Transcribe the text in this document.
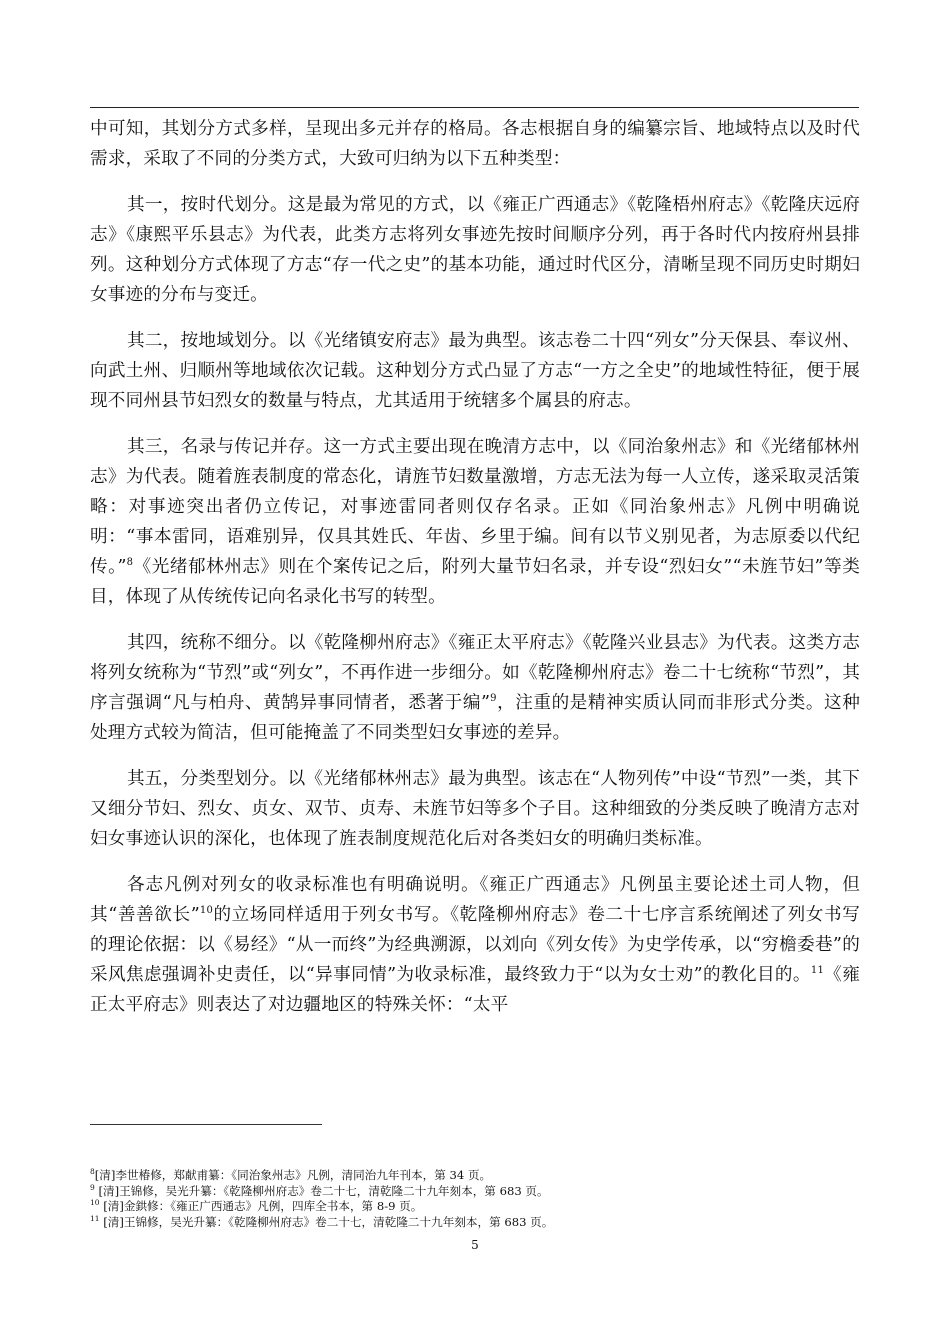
中可知，其划分方式多样，呈现出多元并存的格局。各志根据自身的编纂宗旨、地域特点以及时代需求，采取了不同的分类方式，大致可归纳为以下五种类型：

其一，按时代划分。这是最为常见的方式，以《雍正广西通志》《乾隆梧州府志》《乾隆庆远府志》《康熙平乐县志》为代表，此类方志将列女事迹先按时间顺序分列，再于各时代内按府州县排列。这种划分方式体现了方志“存一代之史”的基本功能，通过时代区分，清晰呈现不同历史时期妇女事迹的分布与变迁。

其二，按地域划分。以《光绪镇安府志》最为典型。该志卷二十四“列女”分天保县、奉议州、向武土州、归顺州等地域依次记载。这种划分方式凸显了方志“一方之全史”的地域性特征，便于展现不同州县节妇烈女的数量与特点，尤其适用于统辖多个属县的府志。

其三，名录与传记并存。这一方式主要出现在晚清方志中，以《同治象州志》和《光绪郁林州志》为代表。随着旌表制度的常态化，请旌节妇数量激增，方志无法为每一人立传，遂采取灵活策略：对事迹突出者仍立传记，对事迹雷同者则仅存名录。正如《同治象州志》凡例中明确说明：“事本雷同，语难别异，仅具其姓氏、年齿、乡里于编。间有以节义别见者，为志原委以代纪传。”$^8$《光绪郁林州志》则在个案传记之后，附列大量节妇名录，并专设“烈妇女”“未旌节妇”等类目，体现了从传统传记向名录化书写的转型。

其四，统称不细分。以《乾隆柳州府志》《雍正太平府志》《乾隆兴业县志》为代表。这类方志将列女统称为“节烈”或“列女”，不再作进一步细分。如《乾隆柳州府志》卷二十七统称“节烈”，其序言强调“凡与柏舟、黄鹄异事同情者，悉著于编”$^9$，注重的是精神实质认同而非形式分类。这种处理方式较为简洁，但可能掩盖了不同类型妇女事迹的差异。

其五，分类型划分。以《光绪郁林州志》最为典型。该志在“人物列传”中设“节烈”一类，其下又细分节妇、烈女、贞女、双节、贞寿、未旌节妇等多个子目。这种细致的分类反映了晚清方志对妇女事迹认识的深化，也体现了旌表制度规范化后对各类妇女的明确归类标准。

各志凡例对列女的收录标准也有明确说明。《雍正广西通志》凡例虽主要论述土司人物，但其“善善欲长”$^{10}$的立场同样适用于列女书写。《乾隆柳州府志》卷二十七序言系统阐述了列女书写的理论依据：以《易经》“从一而终”为经典溯源，以刘向《列女传》为史学传承，以“穷檐委巷”的采风焦虑强调补史责任，以“异事同情”为收录标准，最终致力于“以为女士劝”的教化目的。$^{11}$《雍正太平府志》则表达了对边疆地区的特殊关怀：“太平

$^8$[清]李世椿修，郑献甫纂：《同治象州志》凡例，清同治九年刊本，第 34 页。

$^9$ [清]王锦修，吴光升纂：《乾隆柳州府志》卷二十七，清乾隆二十九年刻本，第 683 页。

$^{10}$ [清]金鉷修：《雍正广西通志》凡例，四库全书本，第 8-9 页。

$^{11}$ [清]王锦修，吴光升纂：《乾隆柳州府志》卷二十七，清乾隆二十九年刻本，第 683 页。

5
